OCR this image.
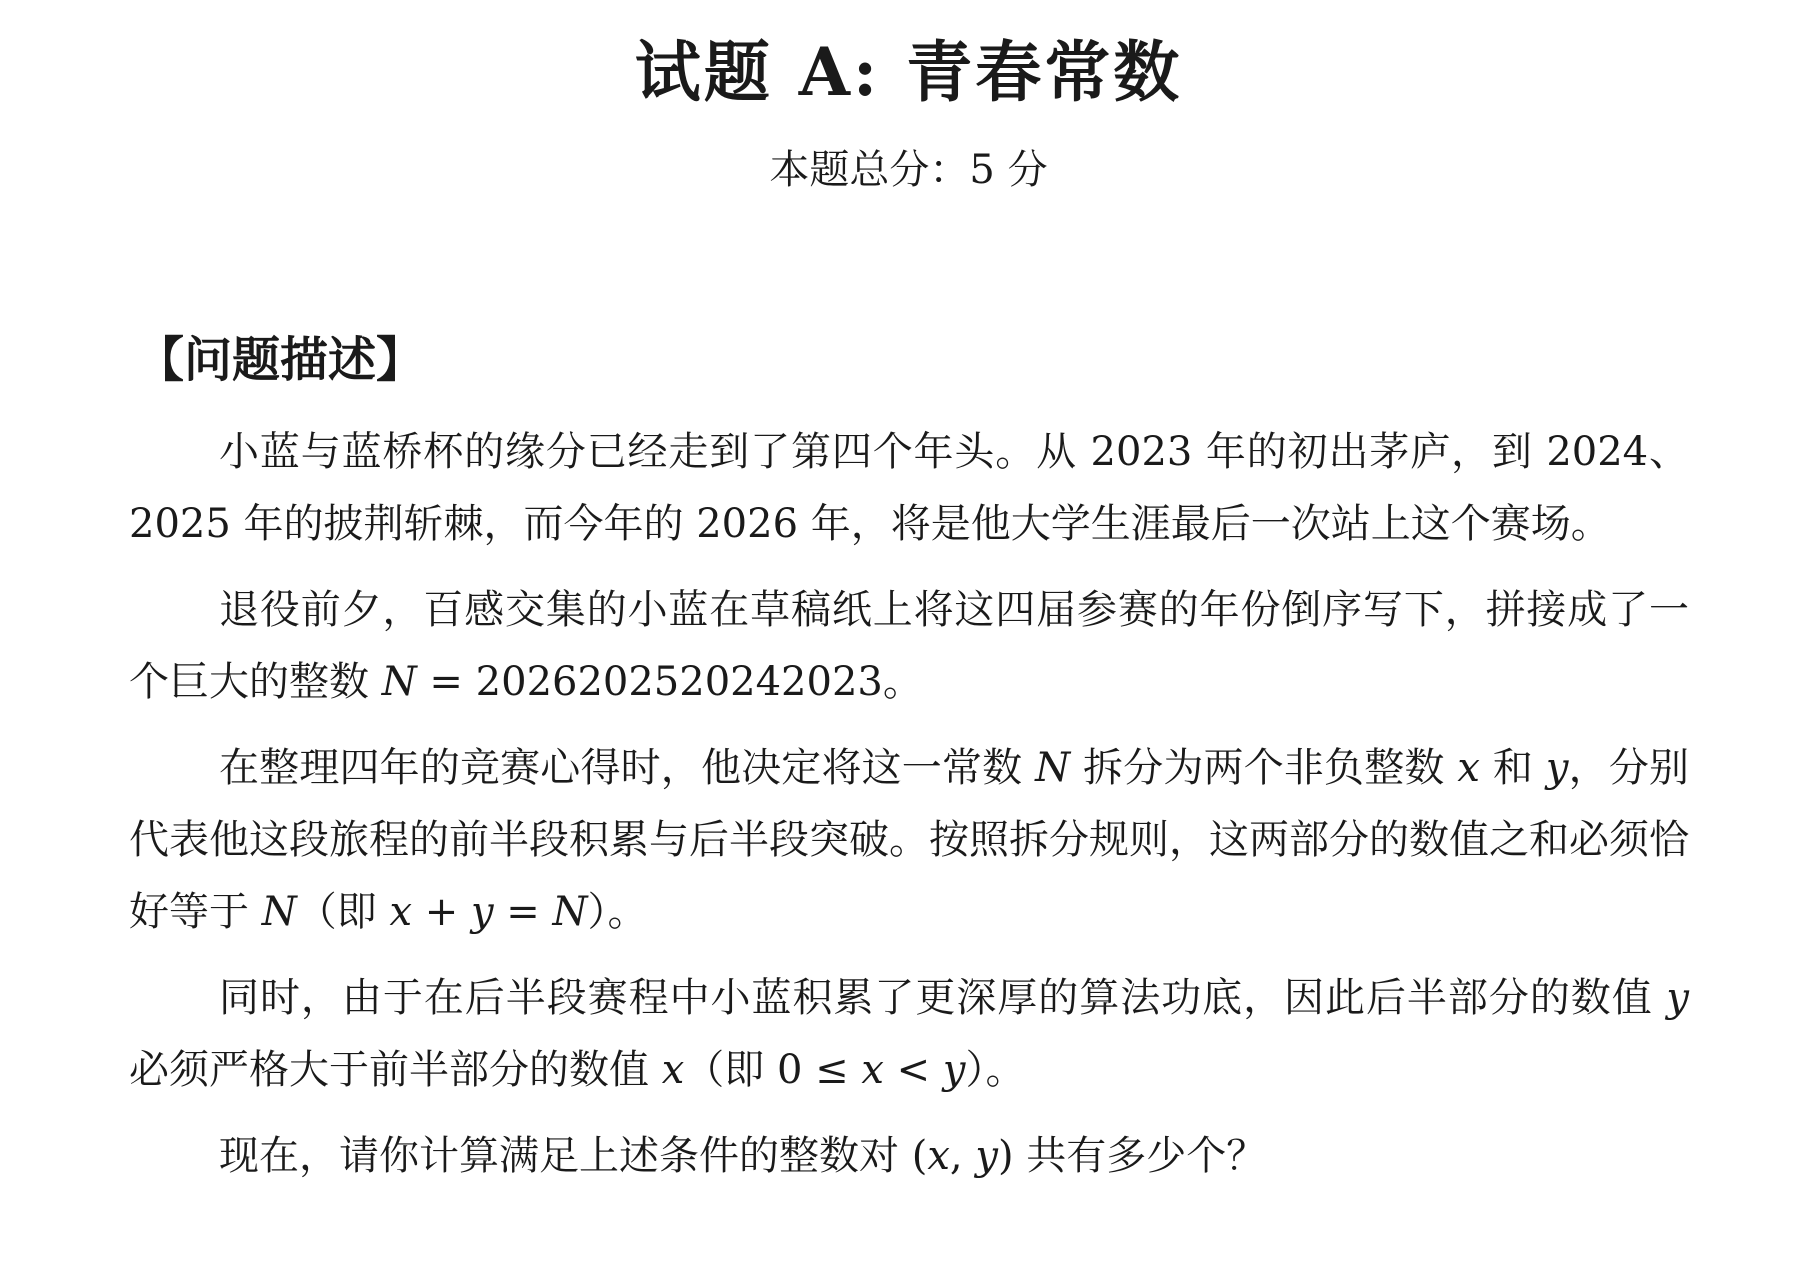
试题 A: 青春常数
本题总分：5 分
【问题描述】

小蓝与蓝桥杯的缘分已经走到了第四个年头。从 2023 年的初出茅庐，到 2024、2025 年的披荆斩棘，而今年的 2026 年，将是他大学生涯最后一次站上这个赛场。

退役前夕，百感交集的小蓝在草稿纸上将这四届参赛的年份倒序写下，拼接成了一个巨大的整数 N = 2026202520242023。

在整理四年的竞赛心得时，他决定将这一常数 N 拆分为两个非负整数 x 和 y，分别代表他这段旅程的前半段积累与后半段突破。按照拆分规则，这两部分的数值之和必须恰好等于 N（即 x + y = N）。

同时，由于在后半段赛程中小蓝积累了更深厚的算法功底，因此后半部分的数值 y 必须严格大于前半部分的数值 x（即 0 ≤ x < y）。

现在，请你计算满足上述条件的整数对 (x, y) 共有多少个？
